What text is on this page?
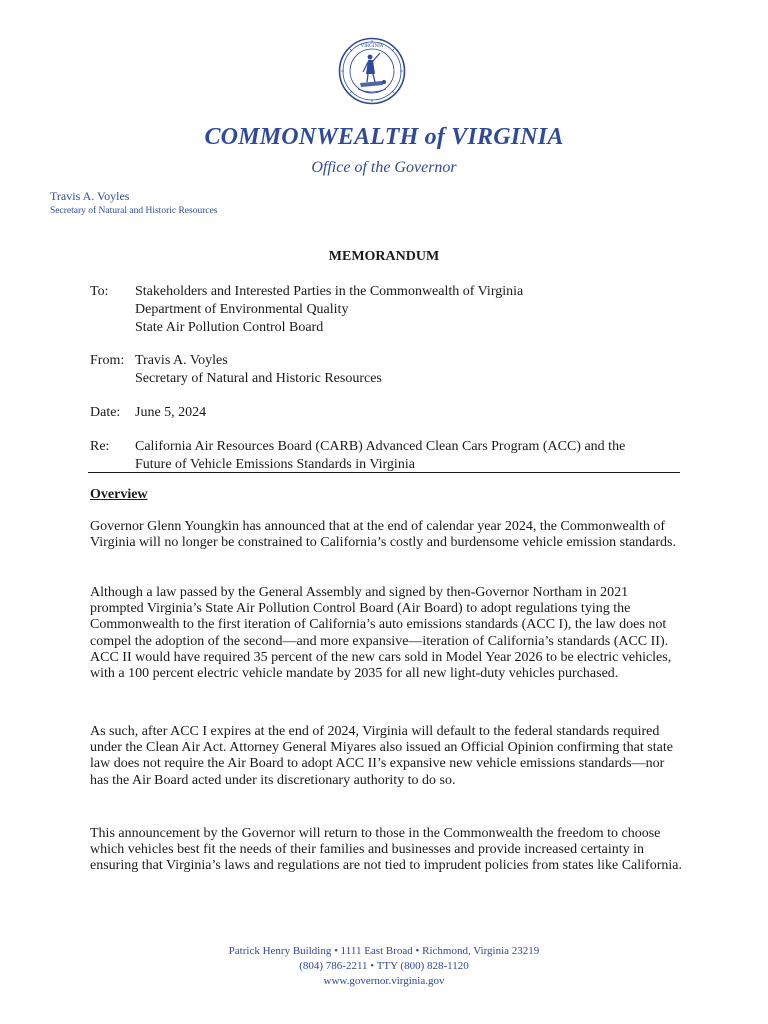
VIRGINIA
COMMONWEALTH of VIRGINIA
Office of the Governor
Travis A. Voyles
Secretary of Natural and Historic Resources
MEMORANDUM
To: Stakeholders and Interested Parties in the Commonwealth of Virginia
Department of Environmental Quality
State Air Pollution Control Board
From: Travis A. Voyles
Secretary of Natural and Historic Resources
Date: June 5, 2024
Re: California Air Resources Board (CARB) Advanced Clean Cars Program (ACC) and the
Future of Vehicle Emissions Standards in Virginia
Overview
Governor Glenn Youngkin has announced that at the end of calendar year 2024, the Commonwealth of Virginia will no longer be constrained to California’s costly and burdensome vehicle emission standards.
Although a law passed by the General Assembly and signed by then-Governor Northam in 2021 prompted Virginia’s State Air Pollution Control Board (Air Board) to adopt regulations tying the Commonwealth to the first iteration of California’s auto emissions standards (ACC I), the law does not compel the adoption of the second—and more expansive—iteration of California’s standards (ACC II). ACC II would have required 35 percent of the new cars sold in Model Year 2026 to be electric vehicles, with a 100 percent electric vehicle mandate by 2035 for all new light-duty vehicles purchased.
As such, after ACC I expires at the end of 2024, Virginia will default to the federal standards required under the Clean Air Act. Attorney General Miyares also issued an Official Opinion confirming that state law does not require the Air Board to adopt ACC II’s expansive new vehicle emissions standards—nor has the Air Board acted under its discretionary authority to do so.
This announcement by the Governor will return to those in the Commonwealth the freedom to choose which vehicles best fit the needs of their families and businesses and provide increased certainty in ensuring that Virginia’s laws and regulations are not tied to imprudent policies from states like California.
Patrick Henry Building • 1111 East Broad • Richmond, Virginia 23219
(804) 786-2211 • TTY (800) 828-1120
www.governor.virginia.gov
